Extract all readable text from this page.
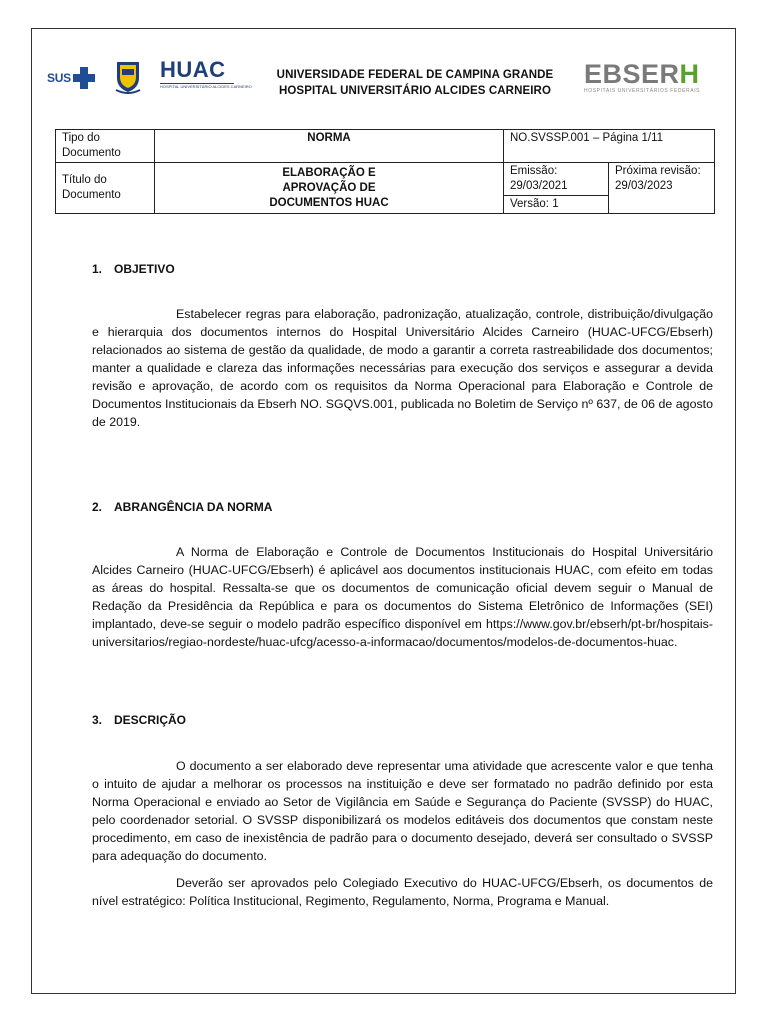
SUS	HUAC
HOSPITAL UNIVERSITÁRIO ALCIDES CARNEIRO
UNIVERSIDADE FEDERAL DE CAMPINA GRANDE
HOSPITAL UNIVERSITÁRIO ALCIDES CARNEIRO
EBSERH
HOSPITAIS UNIVERSITÁRIOS FEDERAIS
Tipo do Documento	NORMA	NO.SVSSP.001 – Página 1/11	
Título do Documento	ELABORAÇÃO E APROVAÇÃO DE DOCUMENTOS HUAC	Emissão: 29/03/2021	Próxima revisão: 29/03/2023
		Versão: 1	
1. OBJETIVO

Estabelecer regras para elaboração, padronização, atualização, controle, distribuição/divulgação e hierarquia dos documentos internos do Hospital Universitário Alcides Carneiro (HUAC-UFCG/Ebserh) relacionados ao sistema de gestão da qualidade, de modo a garantir a correta rastreabilidade dos documentos; manter a qualidade e clareza das informações necessárias para execução dos serviços e assegurar a devida revisão e aprovação, de acordo com os requisitos da Norma Operacional para Elaboração e Controle de Documentos Institucionais da Ebserh NO. SGQVS.001, publicada no Boletim de Serviço nº 637, de 06 de agosto de 2019.

2. ABRANGÊNCIA DA NORMA

A Norma de Elaboração e Controle de Documentos Institucionais do Hospital Universitário Alcides Carneiro (HUAC-UFCG/Ebserh) é aplicável aos documentos institucionais HUAC, com efeito em todas as áreas do hospital. Ressalta-se que os documentos de comunicação oficial devem seguir o Manual de Redação da Presidência da República e para os documentos do Sistema Eletrônico de Informações (SEI) implantado, deve-se seguir o modelo padrão específico disponível em https://www.gov.br/ebserh/pt-br/hospitais-universitarios/regiao-nordeste/huac-ufcg/acesso-a-informacao/documentos/modelos-de-documentos-huac.

3. DESCRIÇÃO

O documento a ser elaborado deve representar uma atividade que acrescente valor e que tenha o intuito de ajudar a melhorar os processos na instituição e deve ser formatado no padrão definido por esta Norma Operacional e enviado ao Setor de Vigilância em Saúde e Segurança do Paciente (SVSSP) do HUAC, pelo coordenador setorial. O SVSSP disponibilizará os modelos editáveis dos documentos que constam neste procedimento, em caso de inexistência de padrão para o documento desejado, deverá ser consultado o SVSSP para adequação do documento.

Deverão ser aprovados pelo Colegiado Executivo do HUAC-UFCG/Ebserh, os documentos de nível estratégico: Política Institucional, Regimento, Regulamento, Norma, Programa e Manual.
